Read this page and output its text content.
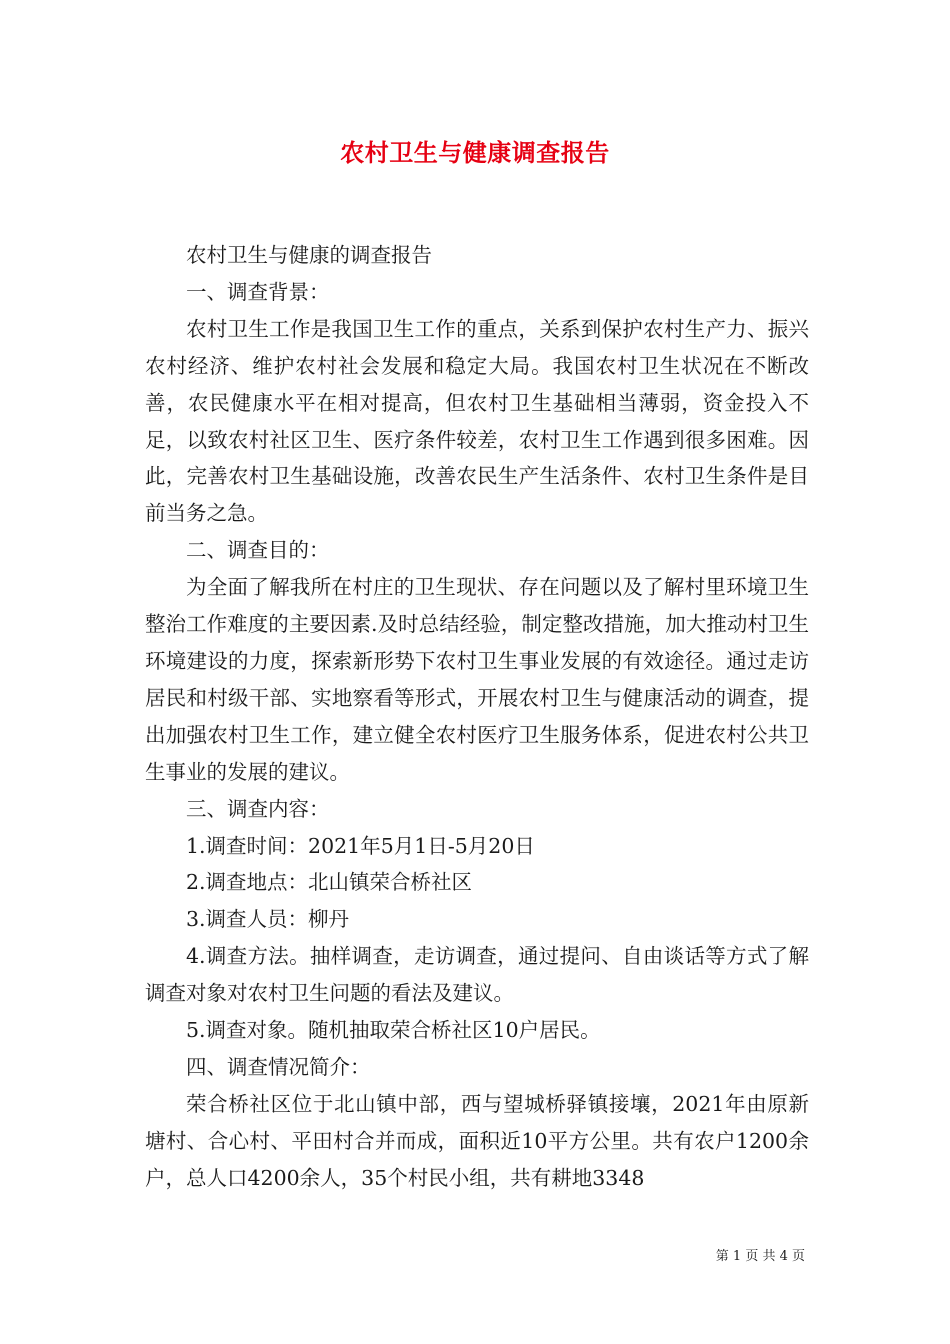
农村卫生与健康调查报告

农村卫生与健康的调查报告

一、调查背景：

农村卫生工作是我国卫生工作的重点，关系到保护农村生产力、振兴农村经济、维护农村社会发展和稳定大局。我国农村卫生状况在不断改善，农民健康水平在相对提高，但农村卫生基础相当薄弱，资金投入不足，以致农村社区卫生、医疗条件较差，农村卫生工作遇到很多困难。因此，完善农村卫生基础设施，改善农民生产生活条件、农村卫生条件是目前当务之急。

二、调查目的：

为全面了解我所在村庄的卫生现状、存在问题以及了解村里环境卫生整治工作难度的主要因素.及时总结经验，制定整改措施，加大推动村卫生环境建设的力度，探索新形势下农村卫生事业发展的有效途径。通过走访居民和村级干部、实地察看等形式，开展农村卫生与健康活动的调查，提出加强农村卫生工作，建立健全农村医疗卫生服务体系，促进农村公共卫生事业的发展的建议。

三、调查内容：

1.调查时间：2021年5月1日-5月20日

2.调查地点：北山镇荣合桥社区

3.调查人员：柳丹

4.调查方法。抽样调查，走访调查，通过提问、自由谈话等方式了解调查对象对农村卫生问题的看法及建议。

5.调查对象。随机抽取荣合桥社区10户居民。

四、调查情况简介：

荣合桥社区位于北山镇中部，西与望城桥驿镇接壤，2021年由原新塘村、合心村、平田村合并而成，面积近10平方公里。共有农户1200余户，总人口4200余人，35个村民小组，共有耕地3348

第 1 页 共 4 页
